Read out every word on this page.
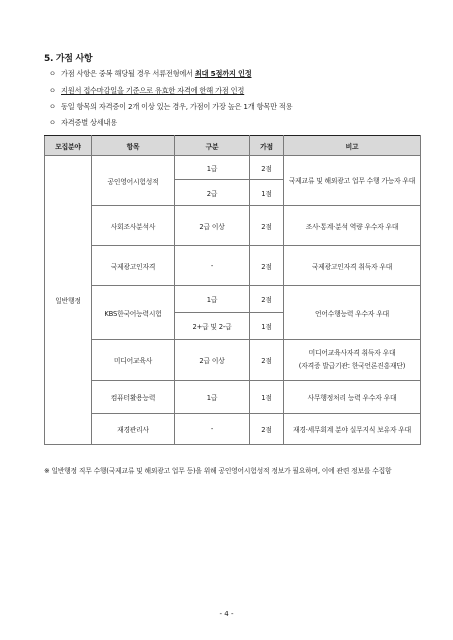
5. 가점 사항
ㅇ 가점 사항은 중복 해당될 경우 서류전형에서 최대 5점까지 인정
ㅇ 지원서 접수마감일을 기준으로 유효한 자격에 한해 가점 인정
ㅇ 동일 항목의 자격증이 2개 이상 있는 경우, 가점이 가장 높은 1개 항목만 적용
ㅇ 자격증별 상세내용
모집분야	항목	구분	가점	비고
일반행정	공인영어시험성적	1급	2점	국제교류 및 해외광고 업무 수행 가능자 우대
		2급	1점	
	사회조사분석사	2급 이상	2점	조사·통계·분석 역량 우수자 우대
	국제광고인자격	-	2점	국제광고인자격 취득자 우대
	KBS한국어능력시험	1급	2점	언어수행능력 우수자 우대
		2+급 및 2-급	1점	
	미디어교육사	2급 이상	2점	미디어교육사자격 취득자 우대
(자격증 발급기관: 한국언론진흥재단)

	컴퓨터활용능력	1급	1점	사무행정처리 능력 우수자 우대
	재경관리사	-	2점	재경·세무회계 분야 실무지식 보유자 우대
※ 일반행정 직무 수행(국제교류 및 해외광고 업무 등)을 위해 공인영어시험성적 정보가 필요하며, 이에 관련 정보를 수집함
- 4 -
